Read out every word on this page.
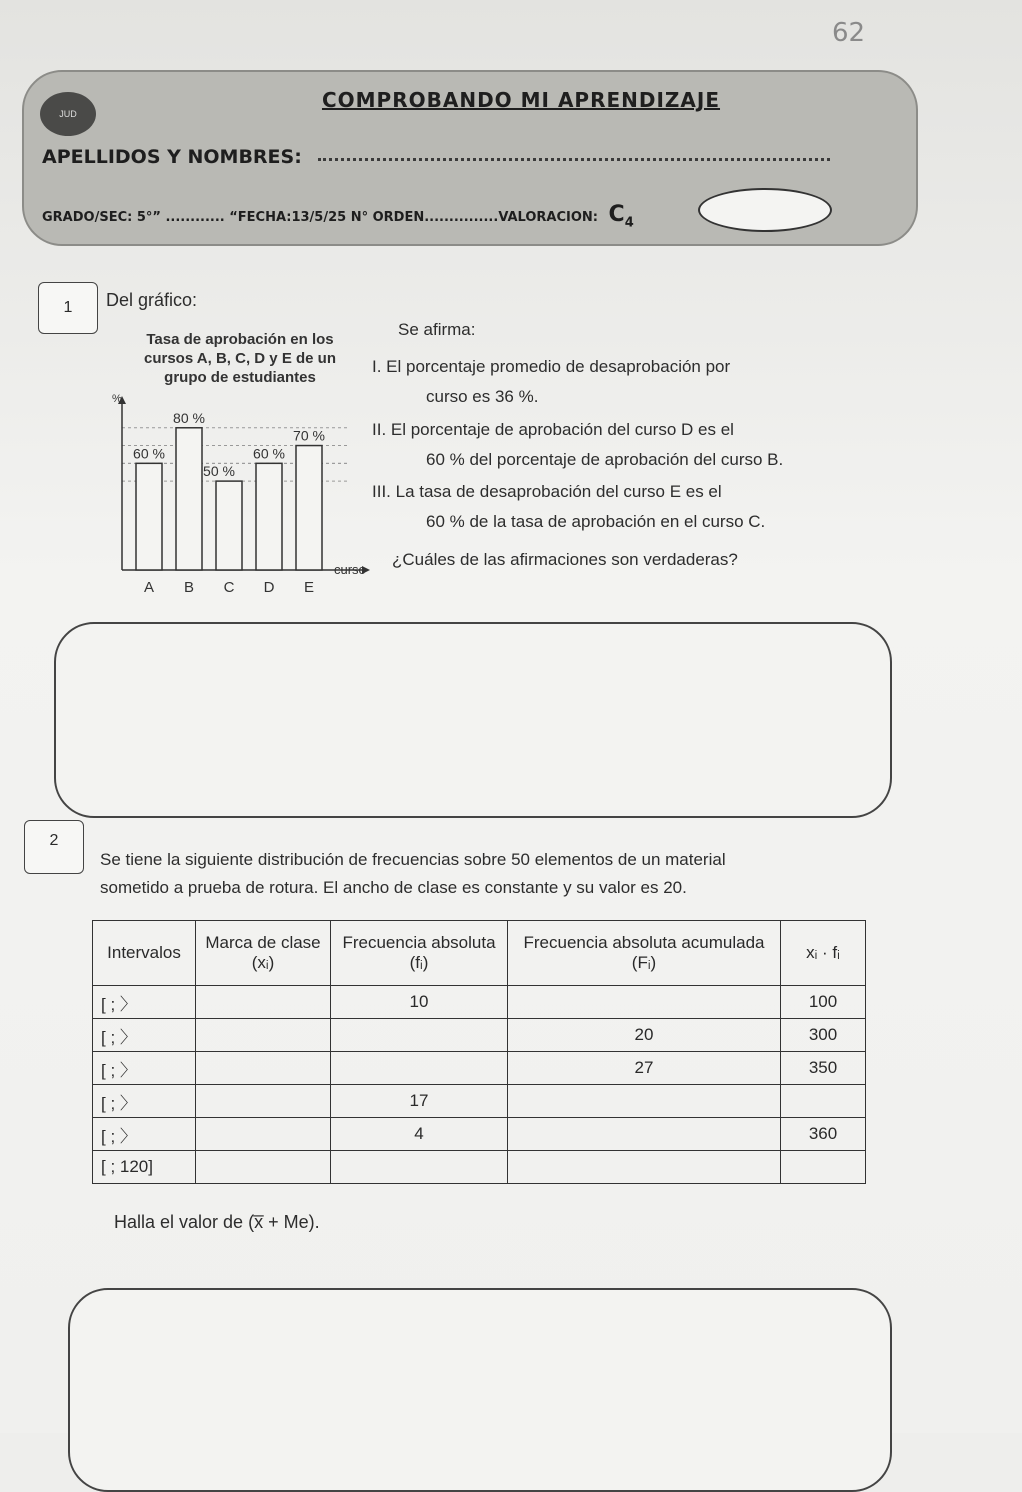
62
JUD
COMPROBANDO MI APRENDIZAJE
APELLIDOS Y NOMBRES:
GRADO/SEC: 5°” ............ “FECHA:13/5/25 N° ORDEN...............VALORACION: $C_4$
1	Del gráfico:
Tasa de aprobación en los
cursos A, B, C, D y E de un
grupo de estudiantes
%
curso
60 %
A
80 %
B
50 %
C
60 %
D
70 %
E
Se afirma:
I. El porcentaje promedio de desaprobación por
curso es 36 %.
II. El porcentaje de aprobación del curso D es el
60 % del porcentaje de aprobación del curso B.
III. La tasa de desaprobación del curso E es el
60 % de la tasa de aprobación en el curso C.
¿Cuáles de las afirmaciones son verdaderas?
2
Se tiene la siguiente distribución de frecuencias sobre 50 elementos de un material
sometido a prueba de rotura. El ancho de clase es constante y su valor es 20.
Intervalos	Marca de clase (xᵢ)	Frecuencia absoluta (fᵢ)	Frecuencia absoluta acumulada (Fᵢ)	xᵢ · fᵢ
[ ; 〉		10		100
[ ; 〉			20	300
[ ; 〉			27	350
[ ; 〉		17		
[ ; 〉		4		360
[ ; 120]				
Halla el valor de (x̅ + Me).
